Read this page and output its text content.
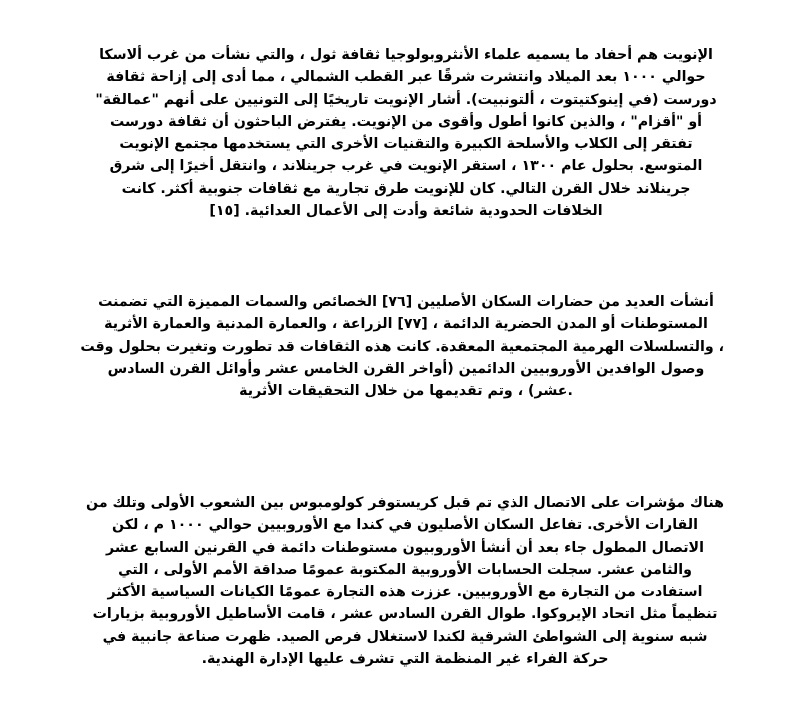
الإنويت هم أحفاد ما يسميه علماء الأنثروبولوجيا ثقافة ثول ، والتي نشأت من غرب ألاسكا
حوالي ١٠٠٠ بعد الميلاد وانتشرت شرقًا عبر القطب الشمالي ، مما أدى إلى إزاحة ثقافة
دورست (في إينوكتيتوت ، ألتونبيت). أشار الإنويت تاريخيًا إلى التونيين على أنهم "عمالقة"
أو "أقزام" ، والذين كانوا أطول وأقوى من الإنويت. يفترض الباحثون أن ثقافة دورست
تفتقر إلى الكلاب والأسلحة الكبيرة والتقنيات الأخرى التي يستخدمها مجتمع الإنويت
المتوسع. بحلول عام ١٣٠٠ ، استقر الإنويت في غرب جرينلاند ، وانتقل أخيرًا إلى شرق
جرينلاند خلال القرن التالي. كان للإنويت طرق تجارية مع ثقافات جنوبية أكثر. كانت
الخلافات الحدودية شائعة وأدت إلى الأعمال العدائية. [١٥]
أنشأت العديد من حضارات السكان الأصليين [٧٦] الخصائص والسمات المميزة التي تضمنت
المستوطنات أو المدن الحضرية الدائمة ، [٧٧] الزراعة ، والعمارة المدنية والعمارة الأثرية
، والتسلسلات الهرمية المجتمعية المعقدة. كانت هذه الثقافات قد تطورت وتغيرت بحلول وقت
وصول الوافدين الأوروبيين الدائمين (أواخر القرن الخامس عشر وأوائل القرن السادس
.عشر) ، وتم تقديمها من خلال التحقيقات الأثرية
هناك مؤشرات على الاتصال الذي تم قبل كريستوفر كولومبوس بين الشعوب الأولى وتلك من
القارات الأخرى. تفاعل السكان الأصليون في كندا مع الأوروبيين حوالي ١٠٠٠ م ، لكن
الاتصال المطول جاء بعد أن أنشأ الأوروبيون مستوطنات دائمة في القرنين السابع عشر
والثامن عشر. سجلت الحسابات الأوروبية المكتوبة عمومًا صداقة الأمم الأولى ، التي
استفادت من التجارة مع الأوروبيين. عززت هذه التجارة عمومًا الكيانات السياسية الأكثر
تنظيماً مثل اتحاد الإيروكوا. طوال القرن السادس عشر ، قامت الأساطيل الأوروبية بزيارات
شبه سنوية إلى الشواطئ الشرقية لكندا لاستغلال فرص الصيد. ظهرت صناعة جانبية في
حركة الفراء غير المنظمة التي تشرف عليها الإدارة الهندية.
